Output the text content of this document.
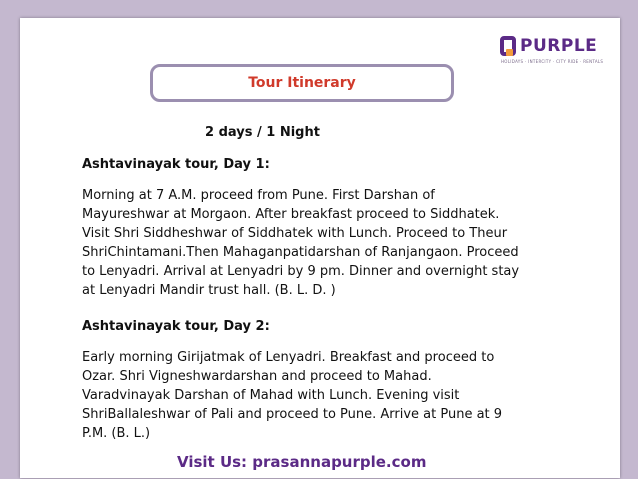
PURPLE
HOLIDAYS · INTERCITY · CITY RIDE · RENTALS
Tour Itinerary
2 days / 1 Night

Ashtavinayak tour, Day 1:

Morning at 7 A.M. proceed from Pune. First Darshan of

Mayureshwar at Morgaon. After breakfast proceed to Siddhatek.

Visit Shri Siddheshwar of Siddhatek with Lunch. Proceed to Theur

ShriChintamani.Then Mahaganpatidarshan of Ranjangaon. Proceed

to Lenyadri. Arrival at Lenyadri by 9 pm. Dinner and overnight stay

at Lenyadri Mandir trust hall. (B. L. D. )

Ashtavinayak tour, Day 2:

Early morning Girijatmak of Lenyadri. Breakfast and proceed to

Ozar. Shri Vigneshwardarshan and proceed to Mahad.

Varadvinayak Darshan of Mahad with Lunch. Evening visit

ShriBallaleshwar of Pali and proceed to Pune. Arrive at Pune at 9

P.M. (B. L.)

Visit Us: prasannapurple.com
